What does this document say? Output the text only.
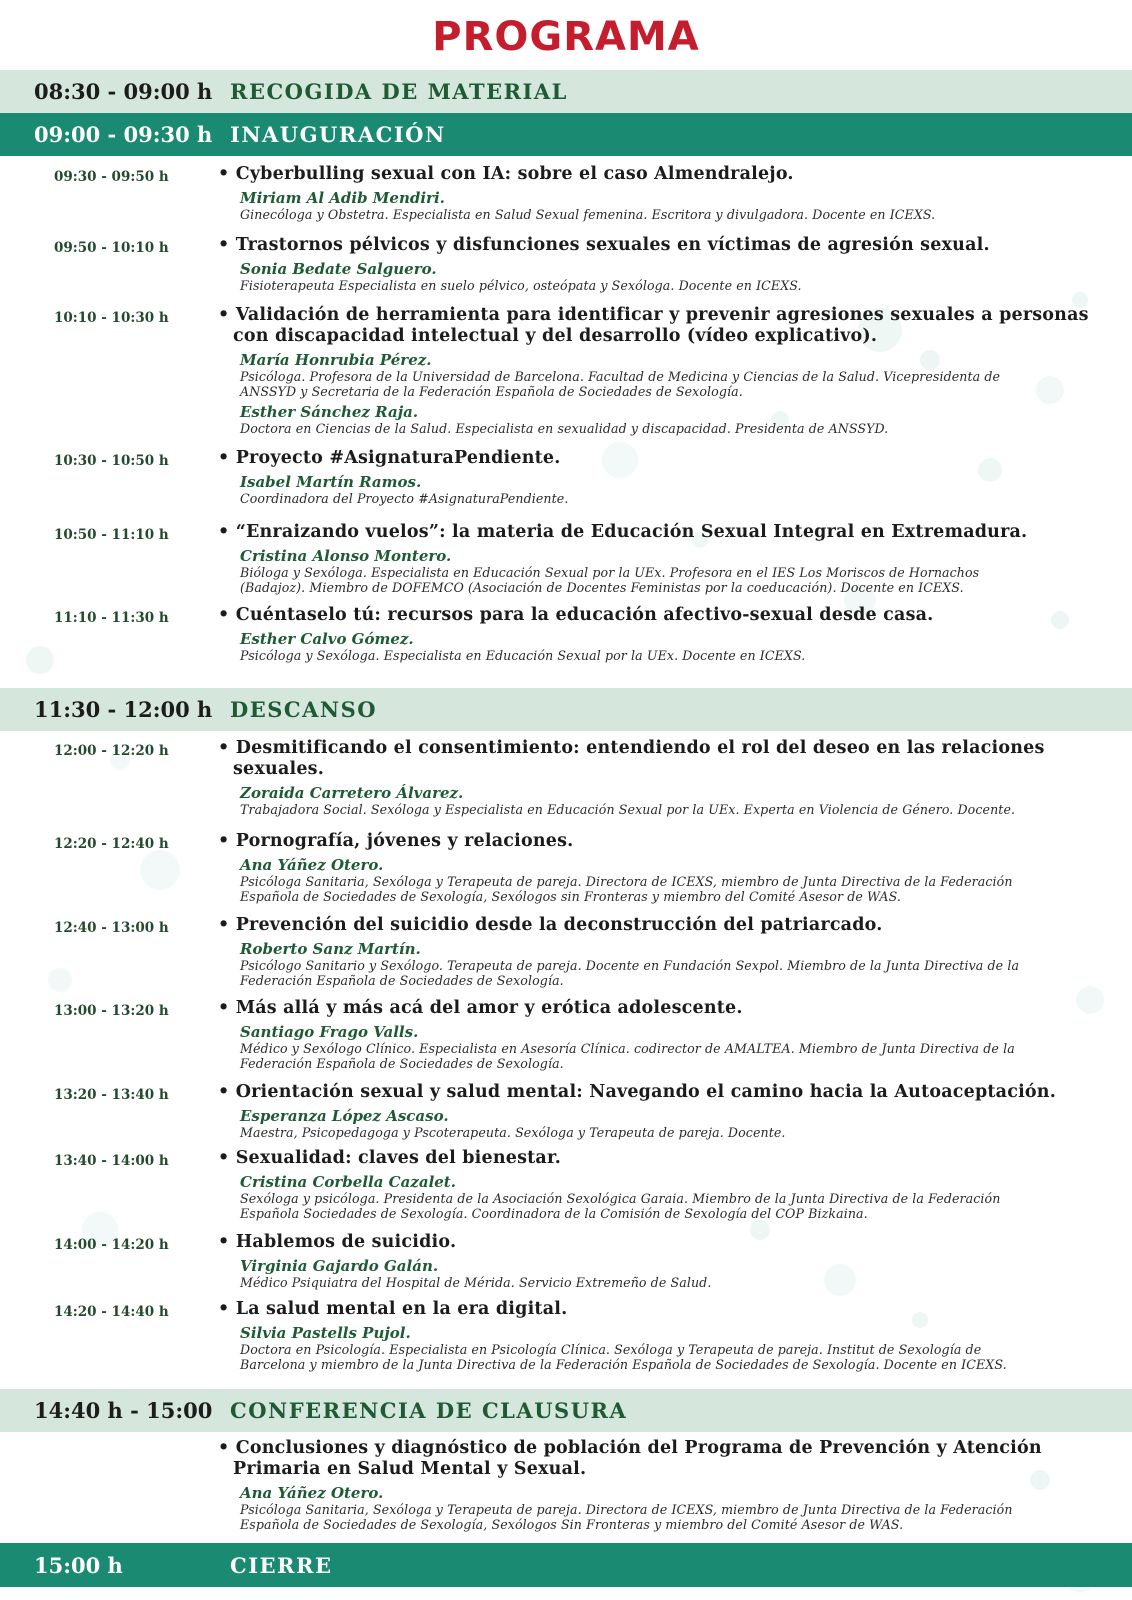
PROGRAMA
08:30 - 09:00 h RECOGIDA DE MATERIAL
09:00 - 09:30 h INAUGURACIÓN
09:30 - 09:50 h	• Cyberbulling sexual con IA: sobre el caso Almendralejo.
Miriam Al Adib Mendiri.
Ginecóloga y Obstetra. Especialista en Salud Sexual femenina. Escritora y divulgadora. Docente en ICEXS.
09:50 - 10:10 h	• Trastornos pélvicos y disfunciones sexuales en víctimas de agresión sexual.
Sonia Bedate Salguero.
Fisioterapeuta Especialista en suelo pélvico, osteópata y Sexóloga. Docente en ICEXS.
10:10 - 10:30 h	• Validación de herramienta para identificar y prevenir agresiones sexuales a personas
con discapacidad intelectual y del desarrollo (vídeo explicativo).
María Honrubia Pérez.
Psicóloga. Profesora de la Universidad de Barcelona. Facultad de Medicina y Ciencias de la Salud. Vicepresidenta de
ANSSYD y Secretaria de la Federación Española de Sociedades de Sexología.
Esther Sánchez Raja.
Doctora en Ciencias de la Salud. Especialista en sexualidad y discapacidad. Presidenta de ANSSYD.
10:30 - 10:50 h	• Proyecto #AsignaturaPendiente.
Isabel Martín Ramos.
Coordinadora del Proyecto #AsignaturaPendiente.
10:50 - 11:10 h	• “Enraizando vuelos”: la materia de Educación Sexual Integral en Extremadura.
Cristina Alonso Montero.
Bióloga y Sexóloga. Especialista en Educación Sexual por la UEx. Profesora en el IES Los Moriscos de Hornachos
(Badajoz). Miembro de DOFEMCO (Asociación de Docentes Feministas por la coeducación). Docente en ICEXS.
11:10 - 11:30 h	• Cuéntaselo tú: recursos para la educación afectivo-sexual desde casa.
Esther Calvo Gómez.
Psicóloga y Sexóloga. Especialista en Educación Sexual por la UEx. Docente en ICEXS.
11:30 - 12:00 h DESCANSO
12:00 - 12:20 h	• Desmitificando el consentimiento: entendiendo el rol del deseo en las relaciones
sexuales.
Zoraida Carretero Álvarez.
Trabajadora Social. Sexóloga y Especialista en Educación Sexual por la UEx. Experta en Violencia de Género. Docente.
12:20 - 12:40 h	• Pornografía, jóvenes y relaciones.
Ana Yáñez Otero.
Psicóloga Sanitaria, Sexóloga y Terapeuta de pareja. Directora de ICEXS, miembro de Junta Directiva de la Federación
Española de Sociedades de Sexología, Sexólogos sin Fronteras y miembro del Comité Asesor de WAS.
12:40 - 13:00 h	• Prevención del suicidio desde la deconstrucción del patriarcado.
Roberto Sanz Martín.
Psicólogo Sanitario y Sexólogo. Terapeuta de pareja. Docente en Fundación Sexpol. Miembro de la Junta Directiva de la
Federación Española de Sociedades de Sexología.
13:00 - 13:20 h	• Más allá y más acá del amor y erótica adolescente.
Santiago Frago Valls.
Médico y Sexólogo Clínico. Especialista en Asesoría Clínica. codirector de AMALTEA. Miembro de Junta Directiva de la
Federación Española de Sociedades de Sexología.
13:20 - 13:40 h	• Orientación sexual y salud mental: Navegando el camino hacia la Autoaceptación.
Esperanza López Ascaso.
Maestra, Psicopedagoga y Pscoterapeuta. Sexóloga y Terapeuta de pareja. Docente.
13:40 - 14:00 h	• Sexualidad: claves del bienestar.
Cristina Corbella Cazalet.
Sexóloga y psicóloga. Presidenta de la Asociación Sexológica Garaia. Miembro de la Junta Directiva de la Federación
Española Sociedades de Sexología. Coordinadora de la Comisión de Sexología del COP Bizkaina.
14:00 - 14:20 h	• Hablemos de suicidio.
Virginia Gajardo Galán.
Médico Psiquiatra del Hospital de Mérida. Servicio Extremeño de Salud.
14:20 - 14:40 h	• La salud mental en la era digital.
Silvia Pastells Pujol.
Doctora en Psicología. Especialista en Psicología Clínica. Sexóloga y Terapeuta de pareja. Institut de Sexología de
Barcelona y miembro de la Junta Directiva de la Federación Española de Sociedades de Sexología. Docente en ICEXS.
14:40 h - 15:00 CONFERENCIA DE CLAUSURA
• Conclusiones y diagnóstico de población del Programa de Prevención y Atención
Primaria en Salud Mental y Sexual.
Ana Yáñez Otero.
Psicóloga Sanitaria, Sexóloga y Terapeuta de pareja. Directora de ICEXS, miembro de Junta Directiva de la Federación
Española de Sociedades de Sexología, Sexólogos Sin Fronteras y miembro del Comité Asesor de WAS.
15:00 h	CIERRE
